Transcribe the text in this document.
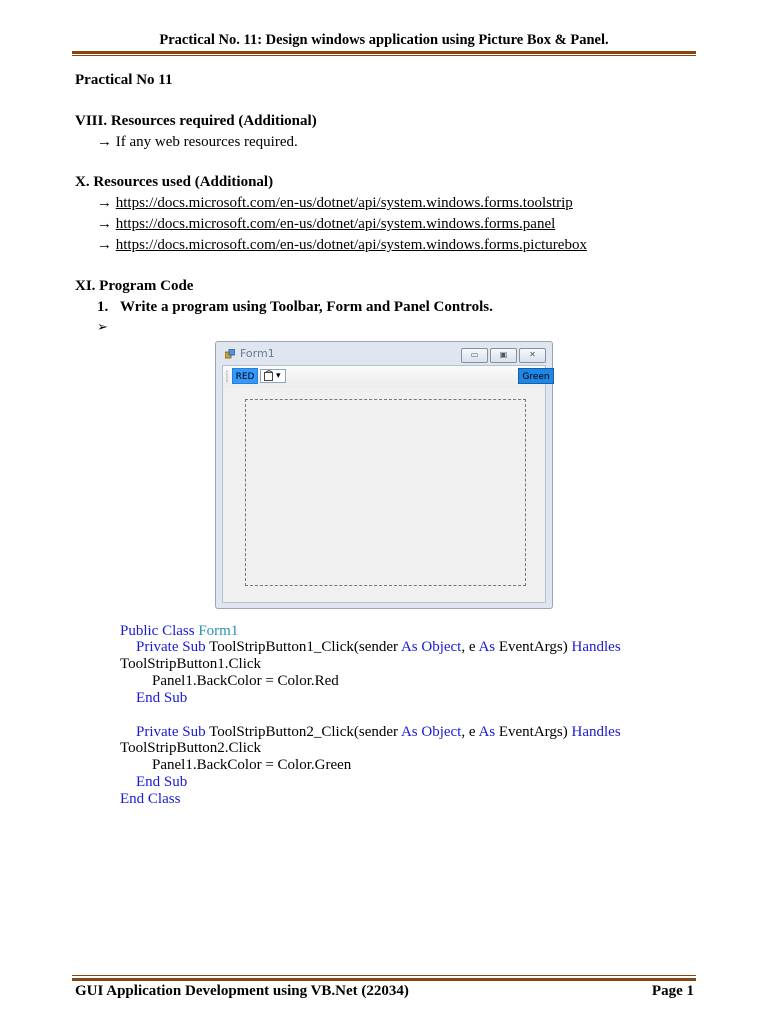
Practical No. 11: Design windows application using Picture Box & Panel.
Practical No 11
VIII. Resources required (Additional)
→ If any web resources required.
X. Resources used (Additional)
→ https://docs.microsoft.com/en-us/dotnet/api/system.windows.forms.toolstrip
→ https://docs.microsoft.com/en-us/dotnet/api/system.windows.forms.panel
→ https://docs.microsoft.com/en-us/dotnet/api/system.windows.forms.picturebox
XI. Program Code
1. Write a program using Toolbar, Form and Panel Controls.
➢
Form1	▭	▣	✕
RED	▾	Green
Public Class Form1
Private Sub ToolStripButton1_Click(sender As Object, e As EventArgs) Handles
ToolStripButton1.Click
Panel1.BackColor = Color.Red
End Sub
Private Sub ToolStripButton2_Click(sender As Object, e As EventArgs) Handles
ToolStripButton2.Click
Panel1.BackColor = Color.Green
End Sub
End Class
GUI Application Development using VB.Net (22034)	Page 1
